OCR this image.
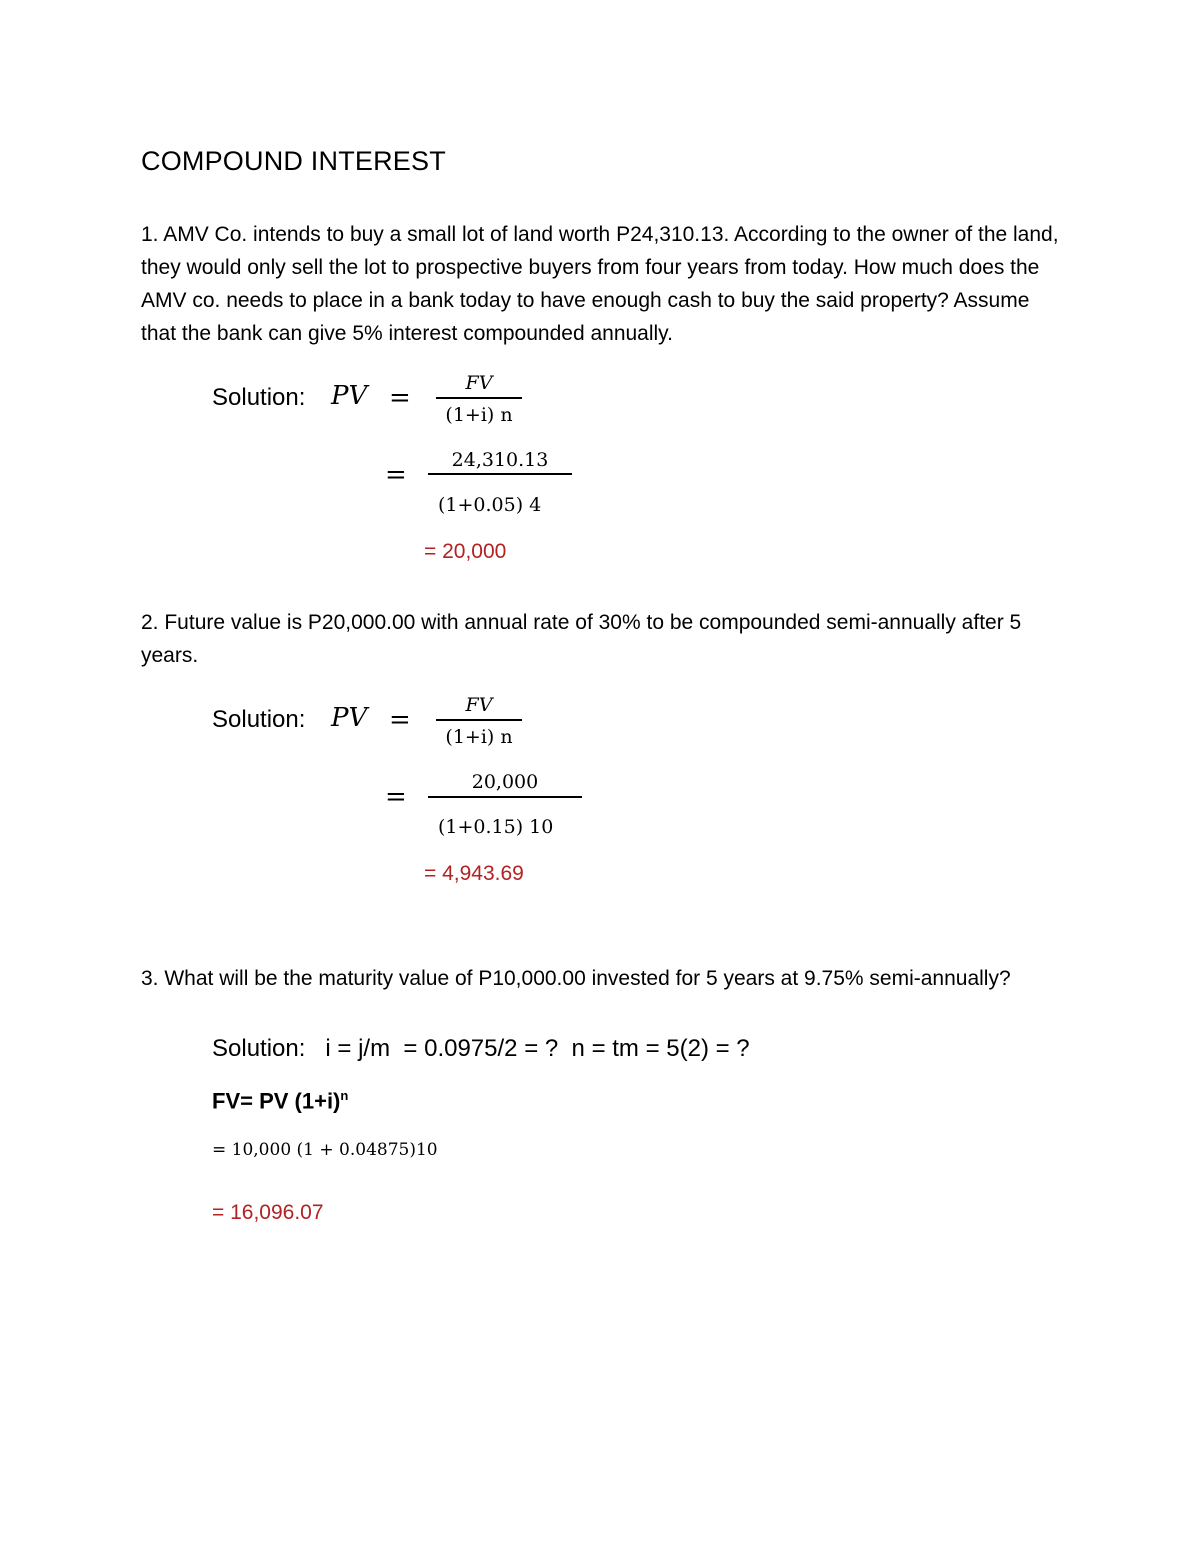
COMPOUND INTEREST
1. AMV Co. intends to buy a small lot of land worth P24,310.13. According to the owner of the land, they would only sell the lot to prospective buyers from four years from today. How much does the AMV co. needs to place in a bank today to have enough cash to buy the said property? Assume that the bank can give 5% interest compounded annually.
Solution: PV =	FV
(1+i) n
=	24,310.13
(1+0.05) 4
= 20,000
2. Future value is P20,000.00 with annual rate of 30% to be compounded semi-annually after 5 years.
Solution: PV =	FV
(1+i) n
=	20,000
(1+0.15) 10
= 4,943.69
3. What will be the maturity value of P10,000.00 invested for 5 years at 9.75% semi-annually?
Solution:   i = j/m  = 0.0975/2 = ?  n = tm = 5(2) = ?
FV= PV $(1+i)^n$
= 10,000 (1 + 0.04875)10
= 16,096.07
